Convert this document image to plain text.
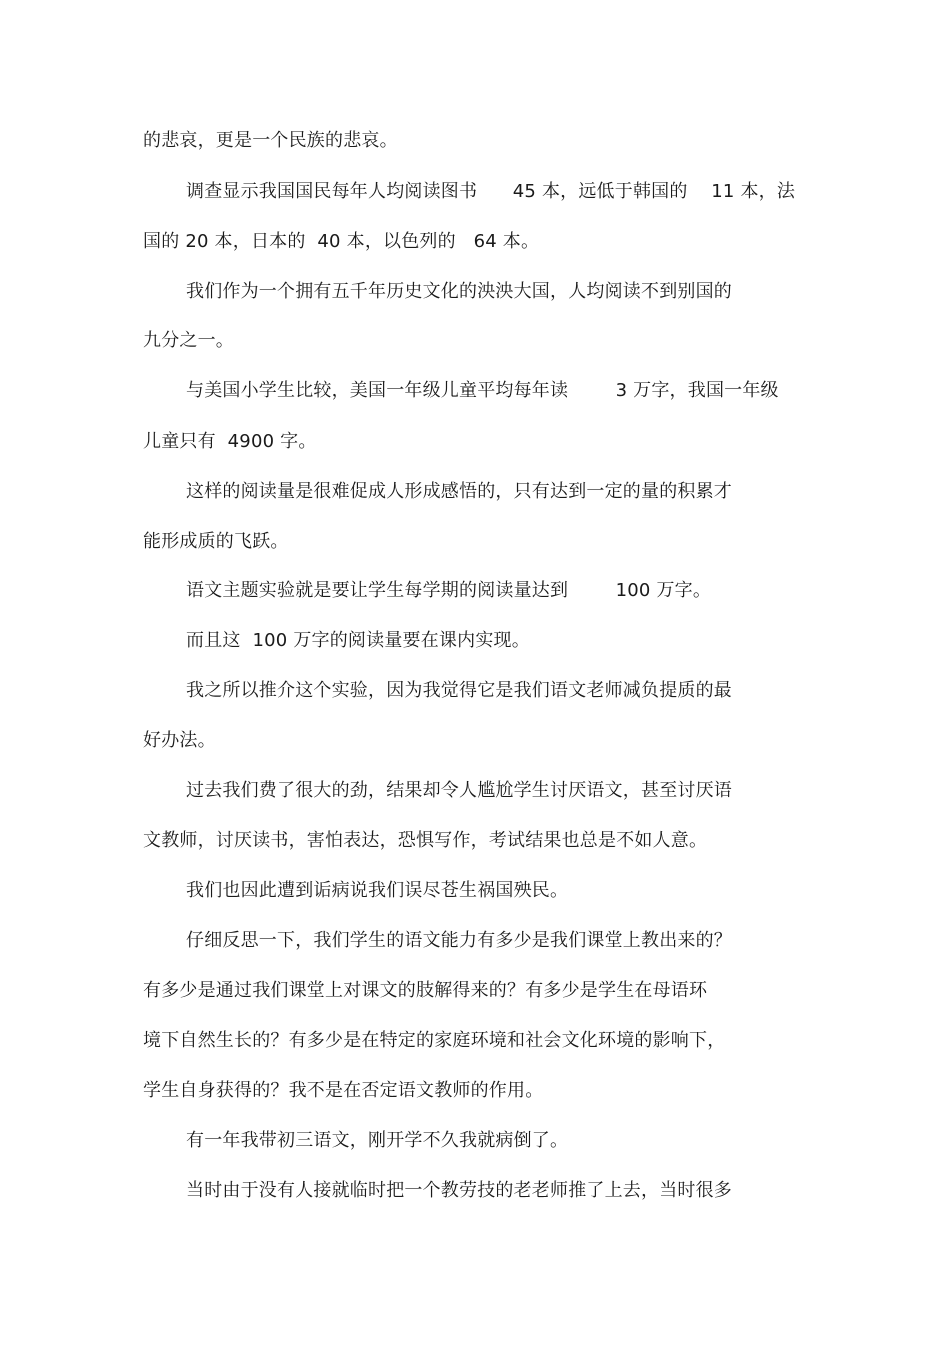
的悲哀，更是一个民族的悲哀。
调查显示我国国民每年人均阅读图书      45 本，远低于韩国的    11 本，法
国的 20 本，日本的  40 本，以色列的   64 本。
我们作为一个拥有五千年历史文化的泱泱大国，人均阅读不到别国的
九分之一。
与美国小学生比较，美国一年级儿童平均每年读        3 万字，我国一年级
儿童只有  4900 字。
这样的阅读量是很难促成人形成感悟的，只有达到一定的量的积累才
能形成质的飞跃。
语文主题实验就是要让学生每学期的阅读量达到        100 万字。
而且这  100 万字的阅读量要在课内实现。
我之所以推介这个实验，因为我觉得它是我们语文老师减负提质的最
好办法。
过去我们费了很大的劲，结果却令人尴尬学生讨厌语文，甚至讨厌语
文教师，讨厌读书，害怕表达，恐惧写作，考试结果也总是不如人意。
我们也因此遭到诟病说我们误尽苍生祸国殃民。
仔细反思一下，我们学生的语文能力有多少是我们课堂上教出来的？
有多少是通过我们课堂上对课文的肢解得来的？有多少是学生在母语环
境下自然生长的？有多少是在特定的家庭环境和社会文化环境的影响下，
学生自身获得的？我不是在否定语文教师的作用。
有一年我带初三语文，刚开学不久我就病倒了。
当时由于没有人接就临时把一个教劳技的老老师推了上去，当时很多
